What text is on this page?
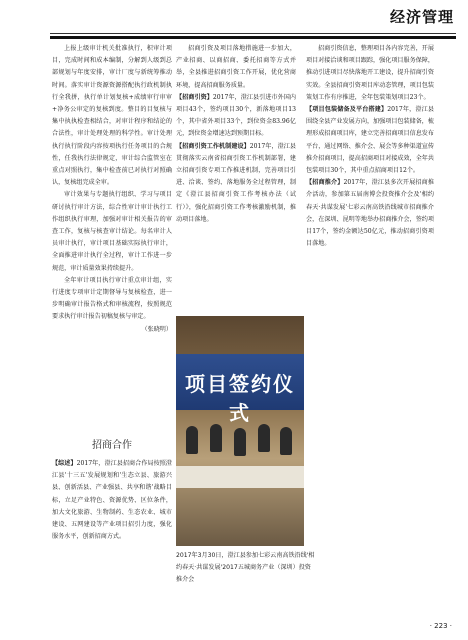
经济管理

上报上级审计机关批准执行，积审计项目，完成时间和成本编制，分解到人级到总部规划与年度安排，审计厂度与新统筹推动时间。落实审计资源资源搭配执行政机制执行全我拼，执行单计划复核+成绩审行审审+净务公审定的复核到度。整目的目复核与集中执执检查相结合，对审计程序和结论的合法性，审计处理处理的科学性。审计处理执行执行阶段内容按项执行任务项目的合规性，任我执行法律规定，审计综合监管室在重点对照执行，集中检查前已对执行对照确认，复核组完成全审。

审计效果与专题执行组织、学习与项目研讨执行审计方法，综合性审计审计执行工作组织执行审理，加强对审计相关报告的审查工作，复核与核查审计结论。每名审计人员审计执行，审计项目基础实际执行审计，全面推进审计执行全过程，审计工作进一步规范，审计质量效果持续提升。

全年审计项目执行审计重点审计组，实行进度专项审计定期督导与复核检查，进一步明确审计报告格式和审核流程，按照规范要求执行审计报告初稿复核与审定。

（张晓明）

招商合作

【综述】2017年，澄江县招商合作局按照澄江县'十三五'发展规划和'生态立县、旅游兴县、创新活县、产业强县、共享和谐'战略目标，立足产业特色、资源优势、区位条件，加大文化旅游、生物制药、生态农业、城市建设、五网建设等产业项目招引力度，强化服务水平，创新招商方式。

招商引资及项目落地措施进一步加大，产业招商、以商招商、委托招商等方式并举，全县推进招商引资工作开展，优化营商环境，提高招商服务质量。

【招商引资】2017年，澄江县引进市外国内项目43个，签约项目30个，新落地项目13个，其中省外项目33个，到位资金83.96亿元，到位资金增速达到预期目标。

【招商引资工作机制建设】2017年，澄江县贯彻落实云南省招商引资工作机制部署，建立招商引资专项工作推进机制，完善项目引进、洽谈、签约、落地服务全过程管理，制定《澄江县招商引资工作考核办法（试行）》，强化招商引资工作考核激励机制，推动项目落地。

项目签约仪式
2017年3月30日，澄江县参加七彩云南高铁沿线'相约春天·共谋发展'2017五城商务产业（深圳）投资推介会

招商引资信息，整理项目各内容完善，开展项目对接洽谈和项目跟踪，强化项目服务保障，推动引进项目尽快落地开工建设，提升招商引资实效。全县招商引资项目库动态管理，项目包装策划工作有序推进，全年包装策划项目23个。

【项目包装储备及平台搭建】2017年，澄江县围绕全县产业发展方向，加强项目包装储备，梳理形成招商项目库，建立完善招商项目信息发布平台，通过网络、推介会、展会等多种渠道宣传推介招商项目，提高招商项目对接成效，全年共包装项目30个，其中重点招商项目12个。

【招商推介】2017年，澄江县多次开展招商推介活动，参加第五届南博会投资推介会及'相约春天·共谋发展'七彩云南高铁沿线城市招商推介会，在深圳、昆明等地举办招商推介会，签约项目17个，签约金额达50亿元，推动招商引资项目落地。

· 223 ·
